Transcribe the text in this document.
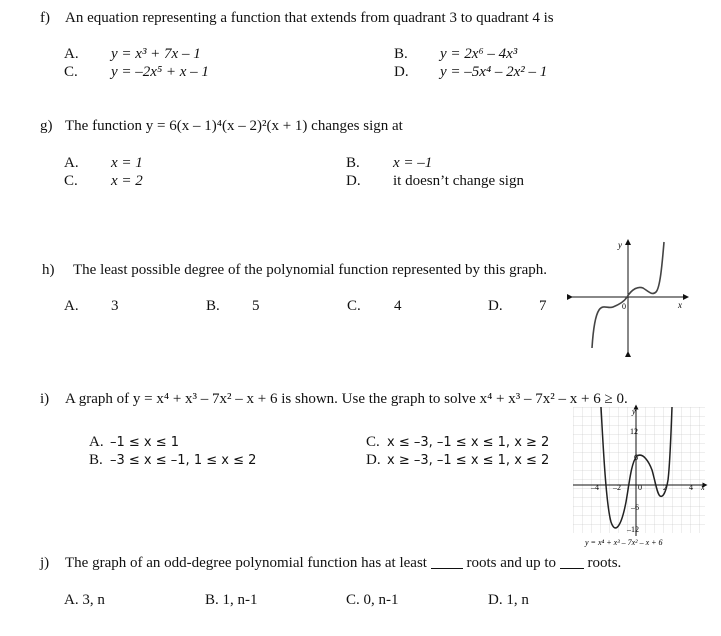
f) An equation representing a function that extends from quadrant 3 to quadrant 4 is
A. y = x³ + 7x – 1	B. y = 2x⁶ – 4x³
C. y = –2x⁵ + x – 1	D. y = –5x⁴ – 2x² – 1
g) The function y = 6(x – 1)⁴(x – 2)²(x + 1) changes sign at
A. x = 1	B. x = –1
C. x = 2	D. it doesn’t change sign
h) The least possible degree of the polynomial function represented by this graph.
A. 3	B. 5	C. 4	D. 7
y
x
0
i) A graph of y = x⁴ + x³ – 7x² – x + 6 is shown. Use the graph to solve x⁴ + x³ – 7x² – x + 6 ≥ 0.
A. –1 ≤ x ≤ 1
B. –3 ≤ x ≤ –1, 1 ≤ x ≤ 2
C. x ≤ –3, –1 ≤ x ≤ 1, x ≥ 2
D. x ≥ –3, –1 ≤ x ≤ 1, x ≤ 2
y
x
12
6
–6
–12
–4 –2 0	2	4
y = x⁴ + x³ – 7x² – x + 6
j) The graph of an odd-degree polynomial function has at least	roots and up to roots.
A. 3, n	B. 1, n-1	C. 0, n-1	D. 1, n
